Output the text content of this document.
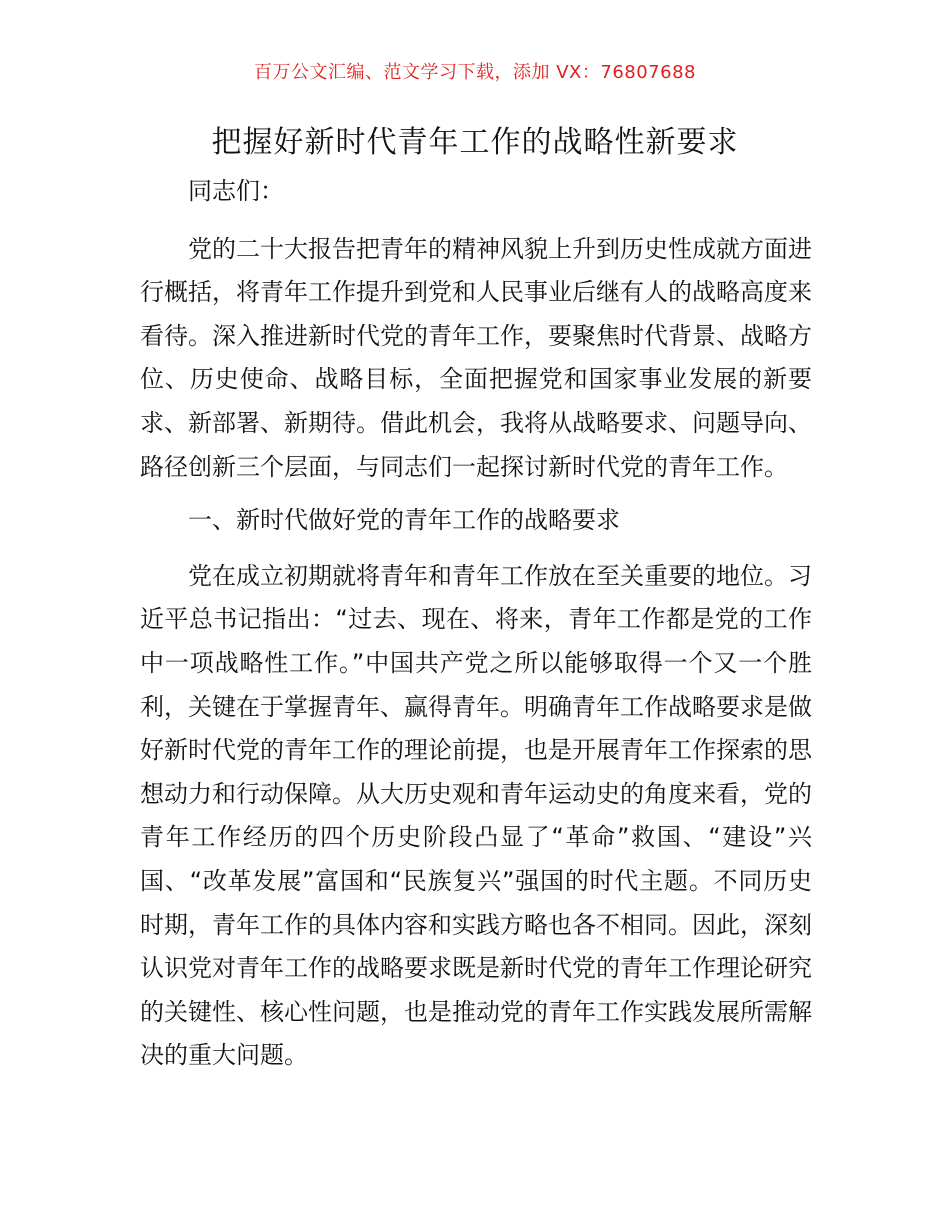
百万公文汇编、范文学习下载，添加 VX：76807688
把握好新时代青年工作的战略性新要求

同志们：

党的二十大报告把青年的精神风貌上升到历史性成就方面进行概括，将青年工作提升到党和人民事业后继有人的战略高度来看待。深入推进新时代党的青年工作，要聚焦时代背景、战略方位、历史使命、战略目标，全面把握党和国家事业发展的新要求、新部署、新期待。借此机会，我将从战略要求、问题导向、路径创新三个层面，与同志们一起探讨新时代党的青年工作。

一、新时代做好党的青年工作的战略要求

党在成立初期就将青年和青年工作放在至关重要的地位。习近平总书记指出：“过去、现在、将来，青年工作都是党的工作中一项战略性工作。”中国共产党之所以能够取得一个又一个胜利，关键在于掌握青年、赢得青年。明确青年工作战略要求是做好新时代党的青年工作的理论前提，也是开展青年工作探索的思想动力和行动保障。从大历史观和青年运动史的角度来看，党的青年工作经历的四个历史阶段凸显了“革命”救国、“建设”兴国、“改革发展”富国和“民族复兴”强国的时代主题。不同历史时期，青年工作的具体内容和实践方略也各不相同。因此，深刻认识党对青年工作的战略要求既是新时代党的青年工作理论研究的关键性、核心性问题，也是推动党的青年工作实践发展所需解决的重大问题。
